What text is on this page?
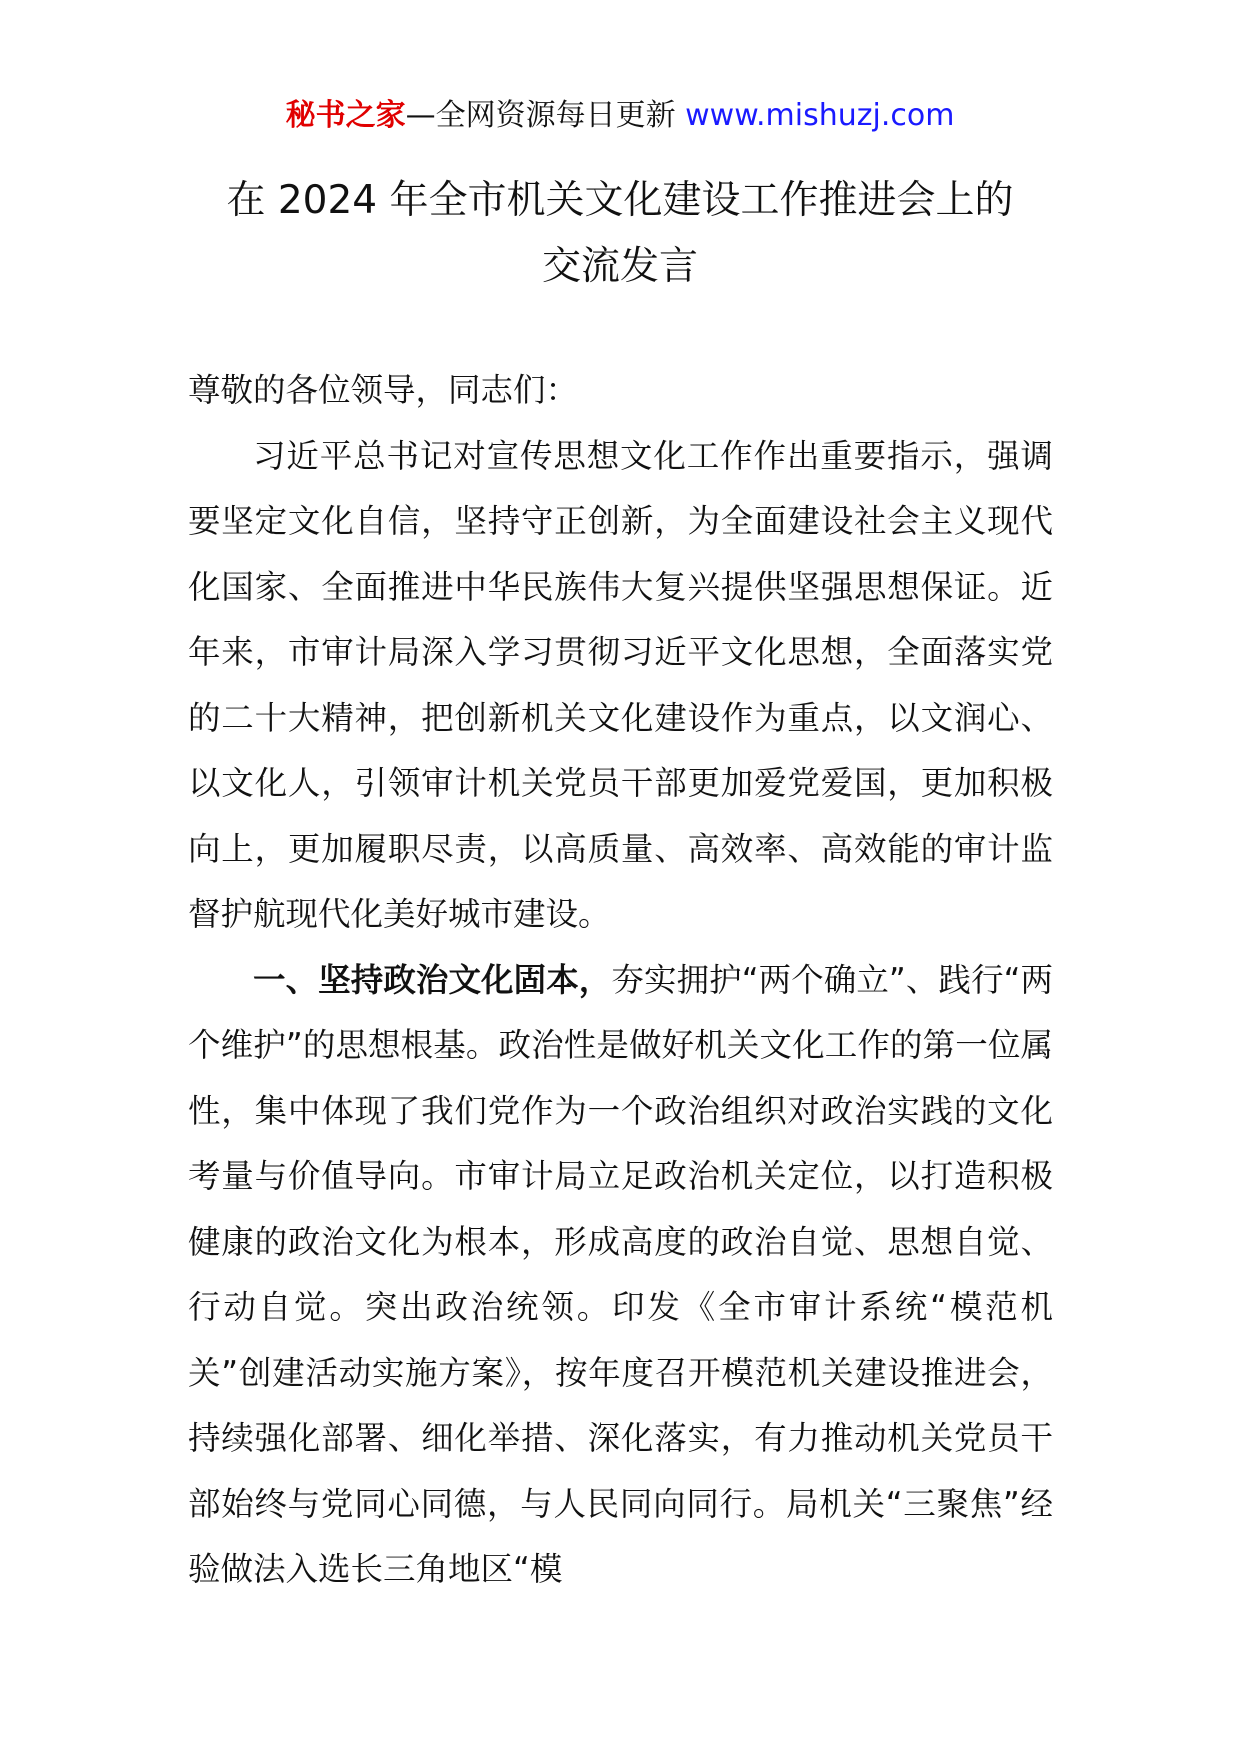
秘书之家—全网资源每日更新 www.mishuzj.com
在 2024 年全市机关文化建设工作推进会上的
交流发言

尊敬的各位领导，同志们：

习近平总书记对宣传思想文化工作作出重要指示，强调要坚定文化自信，坚持守正创新，为全面建设社会主义现代化国家、全面推进中华民族伟大复兴提供坚强思想保证。近年来，市审计局深入学习贯彻习近平文化思想，全面落实党的二十大精神，把创新机关文化建设作为重点，以文润心、以文化人，引领审计机关党员干部更加爱党爱国，更加积极向上，更加履职尽责，以高质量、高效率、高效能的审计监督护航现代化美好城市建设。

一、坚持政治文化固本，夯实拥护“两个确立”、践行“两个维护”的思想根基。政治性是做好机关文化工作的第一位属性，集中体现了我们党作为一个政治组织对政治实践的文化考量与价值导向。市审计局立足政治机关定位，以打造积极健康的政治文化为根本，形成高度的政治自觉、思想自觉、行动自觉。突出政治统领。印发《全市审计系统“模范机关”创建活动实施方案》，按年度召开模范机关建设推进会，持续强化部署、细化举措、深化落实，有力推动机关党员干部始终与党同心同德，与人民同向同行。局机关“三聚焦”经验做法入选长三角地区“模
